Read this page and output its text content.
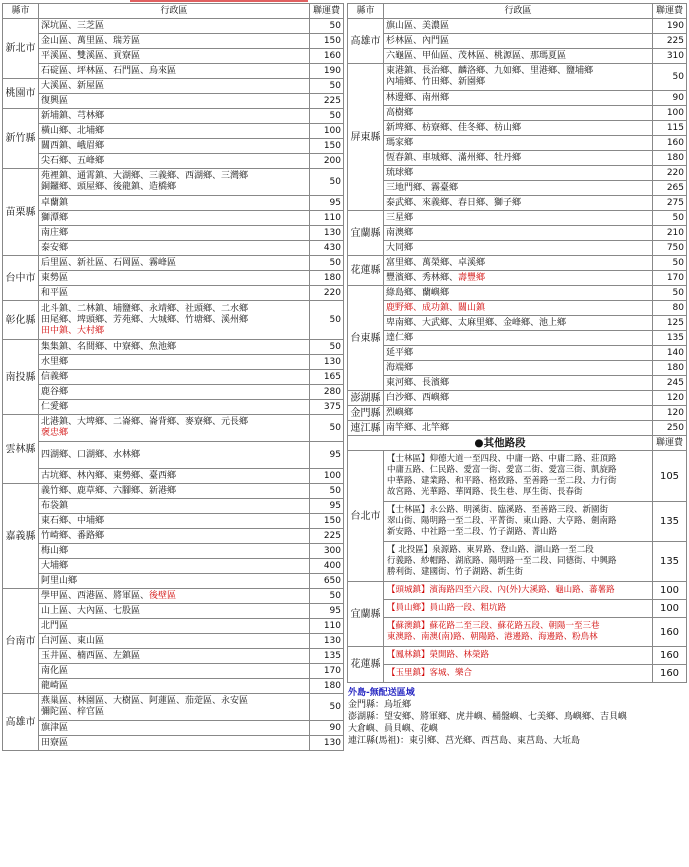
縣市	行政區	聯運費
新北市	深坑區、三芝區	50
	金山區、萬里區、瑞芳區	150
	平溪區、雙溪區、貢寮區	160
	石碇區、坪林區、石門區、烏來區	190
桃園市	大溪區、新屋區	50
	復興區	225
新竹縣	新埔鎮、芎林鄉	50
	橫山鄉、北埔鄉	100
	關西鎮、峨眉鄉	150
	尖石鄉、五峰鄉	200
苗栗縣	苑裡鎮、通霄鎮、大湖鄉、三義鄉、西湖鄉、三灣鄉
銅鑼鄉、頭屋鄉、後龍鎮、造橋鄉	50
	卓蘭鎮	95
	獅潭鄉	110
	南庄鄉	130
	泰安鄉	430
台中市	后里區、新社區、石岡區、霧峰區	50
	東勢區	180
	和平區	220
彰化縣	北斗鎮、二林鎮、埔鹽鄉、永靖鄉、社頭鄉、二水鄉
田尾鄉、埤頭鄉、芳苑鄉、大城鄉、竹塘鄉、溪州鄉
田中鎮、大村鄉	50
南投縣	集集鎮、名間鄉、中寮鄉、魚池鄉	50
	水里鄉	130
	信義鄉	165
	鹿谷鄉	280
	仁愛鄉	375
雲林縣	北港鎮、大埤鄉、二崙鄉、崙背鄉、麥寮鄉、元長鄉
褒忠鄉	50
	四湖鄉、口湖鄉、水林鄉	95
	古坑鄉、林內鄉、東勢鄉、臺西鄉	100
嘉義縣	義竹鄉、鹿草鄉、六腳鄉、新港鄉	50
	布袋鎮	95
	東石鄉、中埔鄉	150
	竹崎鄉、番路鄉	225
	梅山鄉	300
	大埔鄉	400
	阿里山鄉	650
台南市	學甲區、西港區、將軍區、後壁區	50
	山上區、大內區、七股區	95
	北門區	110
	白河區、東山區	130
	玉井區、楠西區、左鎮區	135
	南化區	170
	龍崎區	180
高雄市	燕巢區、林園區、大樹區、阿蓮區、茄萣區、永安區
彌陀區、梓官區	50
	旗津區	90
	田寮區	130
縣市	行政區	聯運費
高雄市	旗山區、美濃區	190
	杉林區、內門區	225
	六龜區、甲仙區、茂林區、桃源區、那瑪夏區	310
屏東縣	東港鎮、長治鄉、麟洛鄉、九如鄉、里港鄉、鹽埔鄉
內埔鄉、竹田鄉、新園鄉	50
	林邊鄉、南州鄉	90
	高樹鄉	100
	新埤鄉、枋寮鄉、佳冬鄉、枋山鄉	115
	瑪家鄉	160
	恆春鎮、車城鄉、滿州鄉、牡丹鄉	180
	琉球鄉	220
	三地門鄉、霧臺鄉	265
	泰武鄉、來義鄉、春日鄉、獅子鄉	275
宜蘭縣	三星鄉	50
	南澳鄉	210
	大同鄉	750
花蓮縣	富里鄉、萬榮鄉、卓溪鄉	50
	豐濱鄉、秀林鄉、壽豐鄉	170
台東縣	綠島鄉、蘭嶼鄉	50
	鹿野鄉、成功鎮、關山鎮	80
	卑南鄉、大武鄉、太麻里鄉、金峰鄉、池上鄉	125
	達仁鄉	135
	延平鄉	140
	海端鄉	180
	東河鄉、長濱鄉	245
澎湖縣	白沙鄉、西嶼鄉	120
金門縣	烈嶼鄉	120
連江縣	南竿鄉、北竿鄉	250
●其他路段		聯運費
台北市	【士林區】仰德大道一至四段、中庸一路、中庸二路、莊頂路
中庸五路、仁民路、愛富一街、愛富二街、愛富三街、凱旋路
中華路、建業路、和平路、格致路、至善路一至二段、力行街
故宮路、光華路、華岡路、長生巷、厚生街、長春街	105
	【士林區】永公路、明溪街、臨溪路、至善路三段、新園街
翠山街、陽明路一至二段、平菁街、東山路、大亨路、劍南路
新安路、中社路一至二段、竹子湖路、菁山路	135
	【 北投區】泉源路、東昇路、登山路、湖山路一至二段
行義路、紗帽路、湖底路、陽明路一至二段、同德街、中興路
勝利街、建國街、竹子湖路、新生街	135
宜蘭縣	【頭城鎮】濱海路四至六段、內(外)大溪路、龜山路、蕃薯路	100
	【員山鄉】員山路一段、粗坑路	100
	【蘇澳鎮】蘇花路二至三段、蘇花路五段、朝陽一至三巷
東澳路、南澳(南)路、朝陽路、港邊路、海邊路、粉鳥林	160
花蓮縣	【鳳林鎮】榮開路、林榮路	160
	【玉里鎮】客城、樂合	160
外島-無配送區域
金門縣：烏坵鄉
澎湖縣：望安鄉、將軍鄉、虎井嶼、桶盤嶼、七美鄉、鳥嶼鄉、吉貝嶼
大倉嶼、員貝嶼、花嶼
連江縣(馬祖)：東引鄉、莒光鄉、西莒島、東莒島、大坵島
